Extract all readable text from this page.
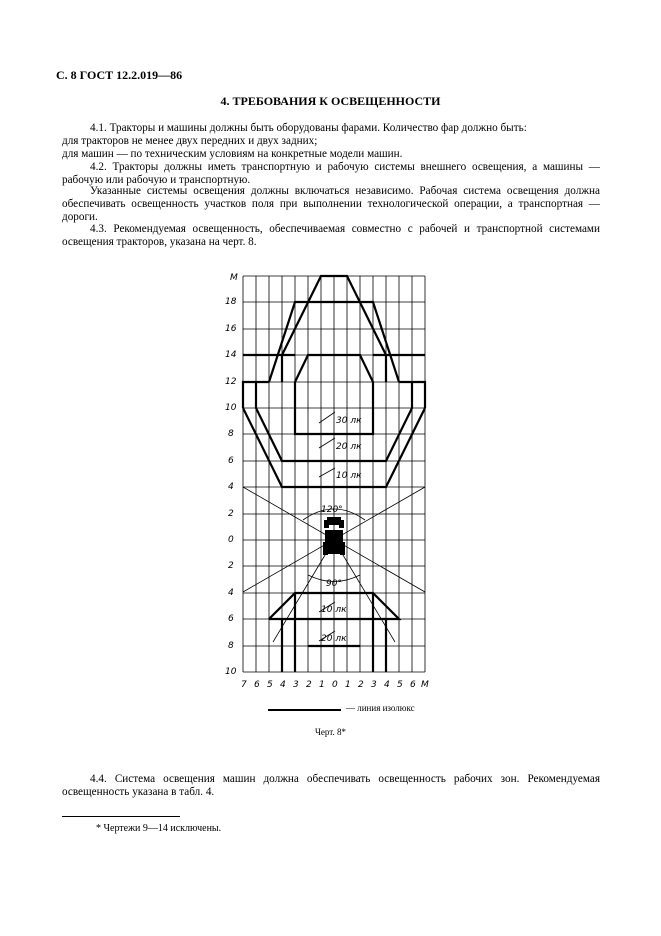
С. 8 ГОСТ 12.2.019—86
4. ТРЕБОВАНИЯ К ОСВЕЩЕННОСТИ
4.1. Тракторы и машины должны быть оборудованы фарами. Количество фар должно быть:
для тракторов не менее двух передних и двух задних;
для машин — по техническим условиям на конкретные модели машин.
4.2. Тракторы должны иметь транспортную и рабочую системы внешнего освещения, а машины — рабочую или рабочую и транспортную.
Указанные системы освещения должны включаться независимо. Рабочая система освещения должна обеспечивать освещенность участков поля при выполнении технологической операции, а транспортная — дороги.
4.3. Рекомендуемая освещенность, обеспечиваемая совместно с рабочей и транспортной системами освещения тракторов, указана на черт. 8.
М
18
16
14
12
10
8
6
4
2
0
2
4
6
8
10
7 6 5 4 3 2 1 0 1 2 3 4 5 6 М
30 лк
20 лк
10 лк
120°
90°
10 лк
20 лк
— линия изолюкс
Черт. 8*
4.4. Система освещения машин должна обеспечивать освещенность рабочих зон. Рекомендуемая освещенность указана в табл. 4.
* Чертежи 9—14 исключены.
